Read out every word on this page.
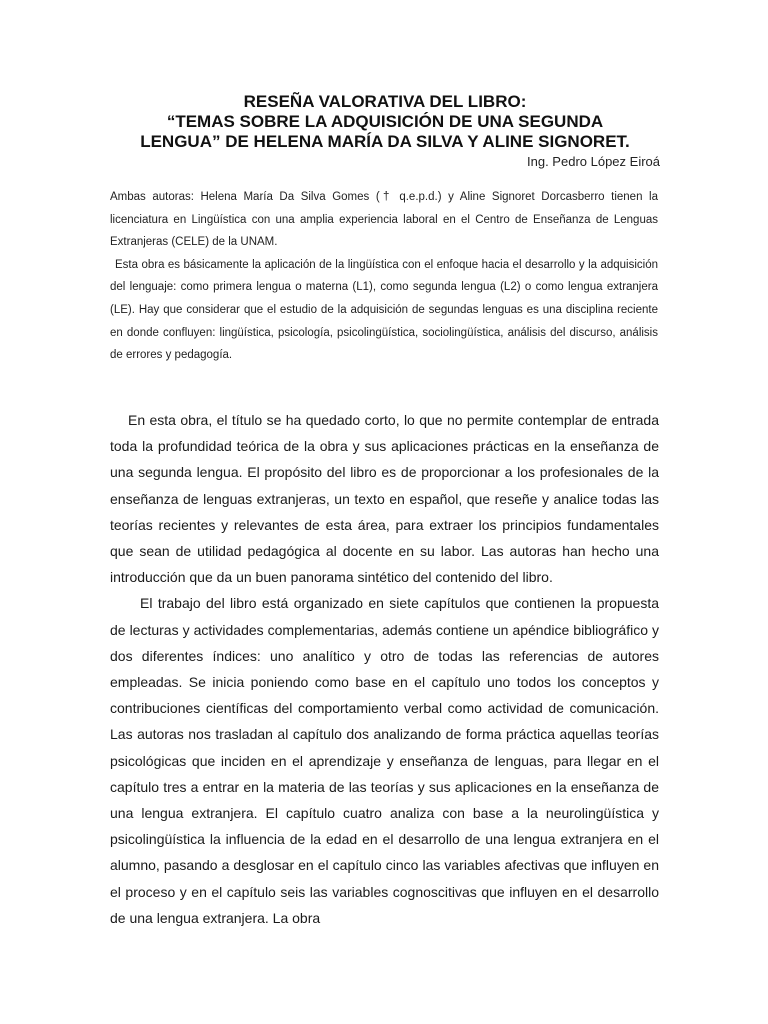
RESEÑA VALORATIVA DEL LIBRO:
“TEMAS SOBRE LA ADQUISICIÓN DE UNA SEGUNDA
LENGUA” DE HELENA MARÍA DA SILVA Y ALINE SIGNORET.
Ing. Pedro López Eiroá

Ambas autoras: Helena María Da Silva Gomes († q.e.p.d.) y Aline Signoret Dorcasberro tienen la licenciatura en Lingüística con una amplia experiencia laboral en el Centro de Enseñanza de Lenguas Extranjeras (CELE) de la UNAM.

Esta obra es básicamente la aplicación de la lingüística con el enfoque hacia el desarrollo y la adquisición del lenguaje: como primera lengua o materna (L1), como segunda lengua (L2) o como lengua extranjera (LE). Hay que considerar que el estudio de la adquisición de segundas lenguas es una disciplina reciente en donde confluyen: lingüística, psicología, psicolingüística, sociolingüística, análisis del discurso, análisis de errores y pedagogía.

En esta obra, el título se ha quedado corto, lo que no permite contemplar de entrada toda la profundidad teórica de la obra y sus aplicaciones prácticas en la enseñanza de una segunda lengua. El propósito del libro es de proporcionar a los profesionales de la enseñanza de lenguas extranjeras, un texto en español, que reseñe y analice todas las teorías recientes y relevantes de esta área, para extraer los principios fundamentales que sean de utilidad pedagógica al docente en su labor. Las autoras han hecho una introducción que da un buen panorama sintético del contenido del libro.

El trabajo del libro está organizado en siete capítulos que contienen la propuesta de lecturas y actividades complementarias, además contiene un apéndice bibliográfico y dos diferentes índices: uno analítico y otro de todas las referencias de autores empleadas. Se inicia poniendo como base en el capítulo uno todos los conceptos y contribuciones científicas del comportamiento verbal como actividad de comunicación. Las autoras nos trasladan al capítulo dos analizando de forma práctica aquellas teorías psicológicas que inciden en el aprendizaje y enseñanza de lenguas, para llegar en el capítulo tres a entrar en la materia de las teorías y sus aplicaciones en la enseñanza de una lengua extranjera. El capítulo cuatro analiza con base a la neurolingüística y psicolingüística la influencia de la edad en el desarrollo de una lengua extranjera en el alumno, pasando a desglosar en el capítulo cinco las variables afectivas que influyen en el proceso y en el capítulo seis las variables cognoscitivas que influyen en el desarrollo de una lengua extranjera. La obra
